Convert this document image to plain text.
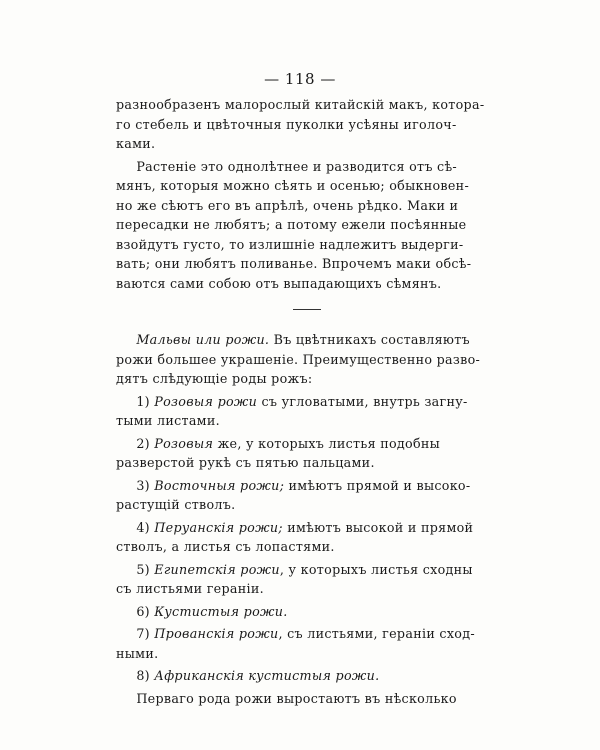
— 118 —

разнообразенъ малорослый китайскій макъ, котора-
го стебель и цвѣточныя пуколки усѣяны иголоч-
ками.

Растеніе это однолѣтнее и разводится отъ сѣ-
мянъ, которыя можно сѣять и осенью; обыкновен-
но же сѣютъ его въ апрѣлѣ, очень рѣдко. Маки и
пересадки не любятъ; а потому ежели посѣянные
взойдутъ густо, то излишніе надлежитъ выдерги-
вать; они любятъ поливанье. Впрочемъ маки обсѣ-
ваются сами собою отъ выпадающихъ сѣмянъ.

Мальвы или рожи. Въ цвѣтникахъ составляютъ
рожи большее украшеніе. Преимущественно разво-
дятъ слѣдующіе роды рожъ:

1) Розовыя рожи съ угловатыми, внутрь загну-
тыми листами.

2) Розовыя же, у которыхъ листья подобны
разверстой рукѣ съ пятью пальцами.

3) Восточныя рожи; имѣютъ прямой и высоко-
растущій стволъ.

4) Перуанскія рожи; имѣютъ высокой и прямой
стволъ, а листья съ лопастями.

5) Египетскія рожи, у которыхъ листья сходны
съ листьями гераніи.

6) Кустистыя рожи.

7) Прованскія рожи, съ листьями, гераніи сход-
ными.

8) Африканскія кустистыя рожи.

Перваго рода рожи выростаютъ въ нѣсколько
